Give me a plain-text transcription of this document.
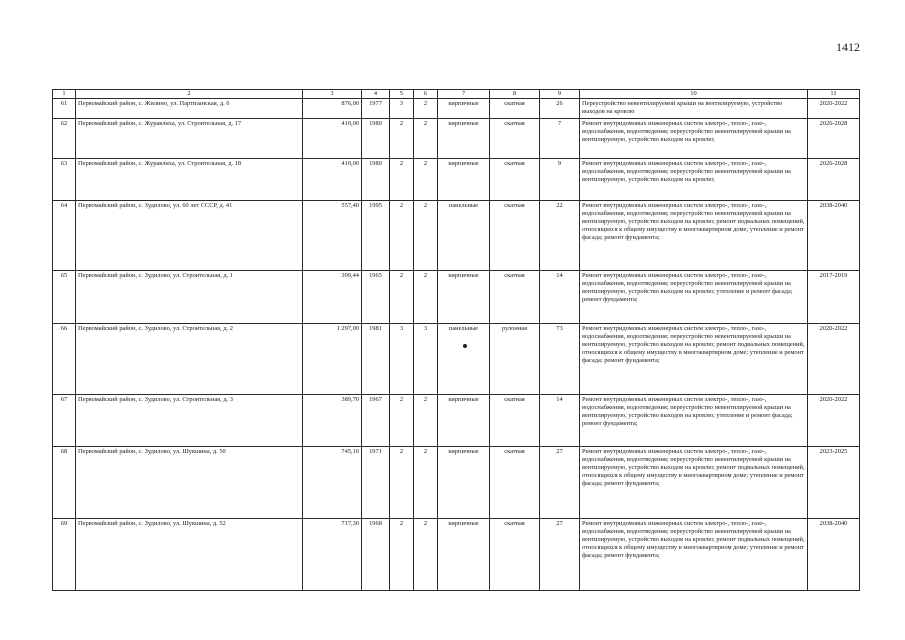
1412
1	2	3	4	5	6	7	8	9	10	11
61	Первомайский район, с. Жилино, ул. Партизанская, д. 6	876,00	1977	3	2	кирпичные	скатная	26	Переустройство невентилируемой крыши на вентилируемую, устройство выходов на кровлю	2020-2022
62	Первомайский район, с. Журавлиха, ул. Строительная, д. 17	410,00	1980	2	2	кирпичные	скатная	7	Ремонт внутридомовых инженерных систем электро-, тепло-, газо-, водоснабжения, водоотведения; переустройство невентилируемой крыши на вентилируемую, устройство выходов на кровлю;	2026-2028
63	Первомайский район, с. Журавлиха, ул. Строительная, д. 18	410,00	1980	2	2	кирпичные	скатная	9	Ремонт внутридомовых инженерных систем электро-, тепло-, газо-, водоснабжения, водоотведения; переустройство невентилируемой крыши на вентилируемую, устройство выходов на кровлю;	2026-2028
64	Первомайский район, с. Зудилово, ул. 60 лет СССР, д. 41	557,40	1995	2	2	панельные	скатная	22	Ремонт внутридомовых инженерных систем электро-, тепло-, газо-, водоснабжения, водоотведения; переустройство невентилируемой крыши на вентилируемую, устройство выходов на кровлю; ремонт подвальных помещений, относящихся к общему имуществу в многоквартирном доме; утепление и ремонт фасада; ремонт фундамента;	2038-2040
65	Первомайский район, с. Зудилово, ул. Строительная, д. 1	399,44	1965	2	2	кирпичные	скатная	14	Ремонт внутридомовых инженерных систем электро-, тепло-, газо-, водоснабжения, водоотведения; переустройство невентилируемой крыши на вентилируемую, устройство выходов на кровлю; утепление и ремонт фасада; ремонт фундамента;	2017-2019
66	Первомайский район, с. Зудилово, ул. Строительная, д. 2	1 297,00	1981	3	3	панельные	рулонная	73	Ремонт внутридомовых инженерных систем электро-, тепло-, газо-, водоснабжения, водоотведения; переустройство невентилируемой крыши на вентилируемую, устройство выходов на кровлю; ремонт подвальных помещений, относящихся к общему имуществу в многоквартирном доме; утепление и ремонт фасада; ремонт фундамента;	2020-2022
67	Первомайский район, с. Зудилово, ул. Строительная, д. 3	389,70	1967	2	2	кирпичные	скатная	14	Ремонт внутридомовых инженерных систем электро-, тепло-, газо-, водоснабжения, водоотведения; переустройство невентилируемой крыши на вентилируемую, устройство выходов на кровлю; утепление и ремонт фасада; ремонт фундамента;	2020-2022
68	Первомайский район, с. Зудилово, ул. Шукшина, д. 50	745,10	1971	2	2	кирпичные	скатная	27	Ремонт внутридомовых инженерных систем электро-, тепло-, газо-, водоснабжения, водоотведения; переустройство невентилируемой крыши на вентилируемую, устройство выходов на кровлю; ремонт подвальных помещений, относящихся к общему имуществу в многоквартирном доме; утепление и ремонт фасада; ремонт фундамента;	2023-2025
69	Первомайский район, с. Зудилово, ул. Шукшина, д. 52	717,30	1968	2	2	кирпичные	скатная	27	Ремонт внутридомовых инженерных систем электро-, тепло-, газо-, водоснабжения, водоотведения; переустройство невентилируемой крыши на вентилируемую, устройство выходов на кровлю; ремонт подвальных помещений, относящихся к общему имуществу в многоквартирном доме; утепление и ремонт фасада; ремонт фундамента;	2038-2040
